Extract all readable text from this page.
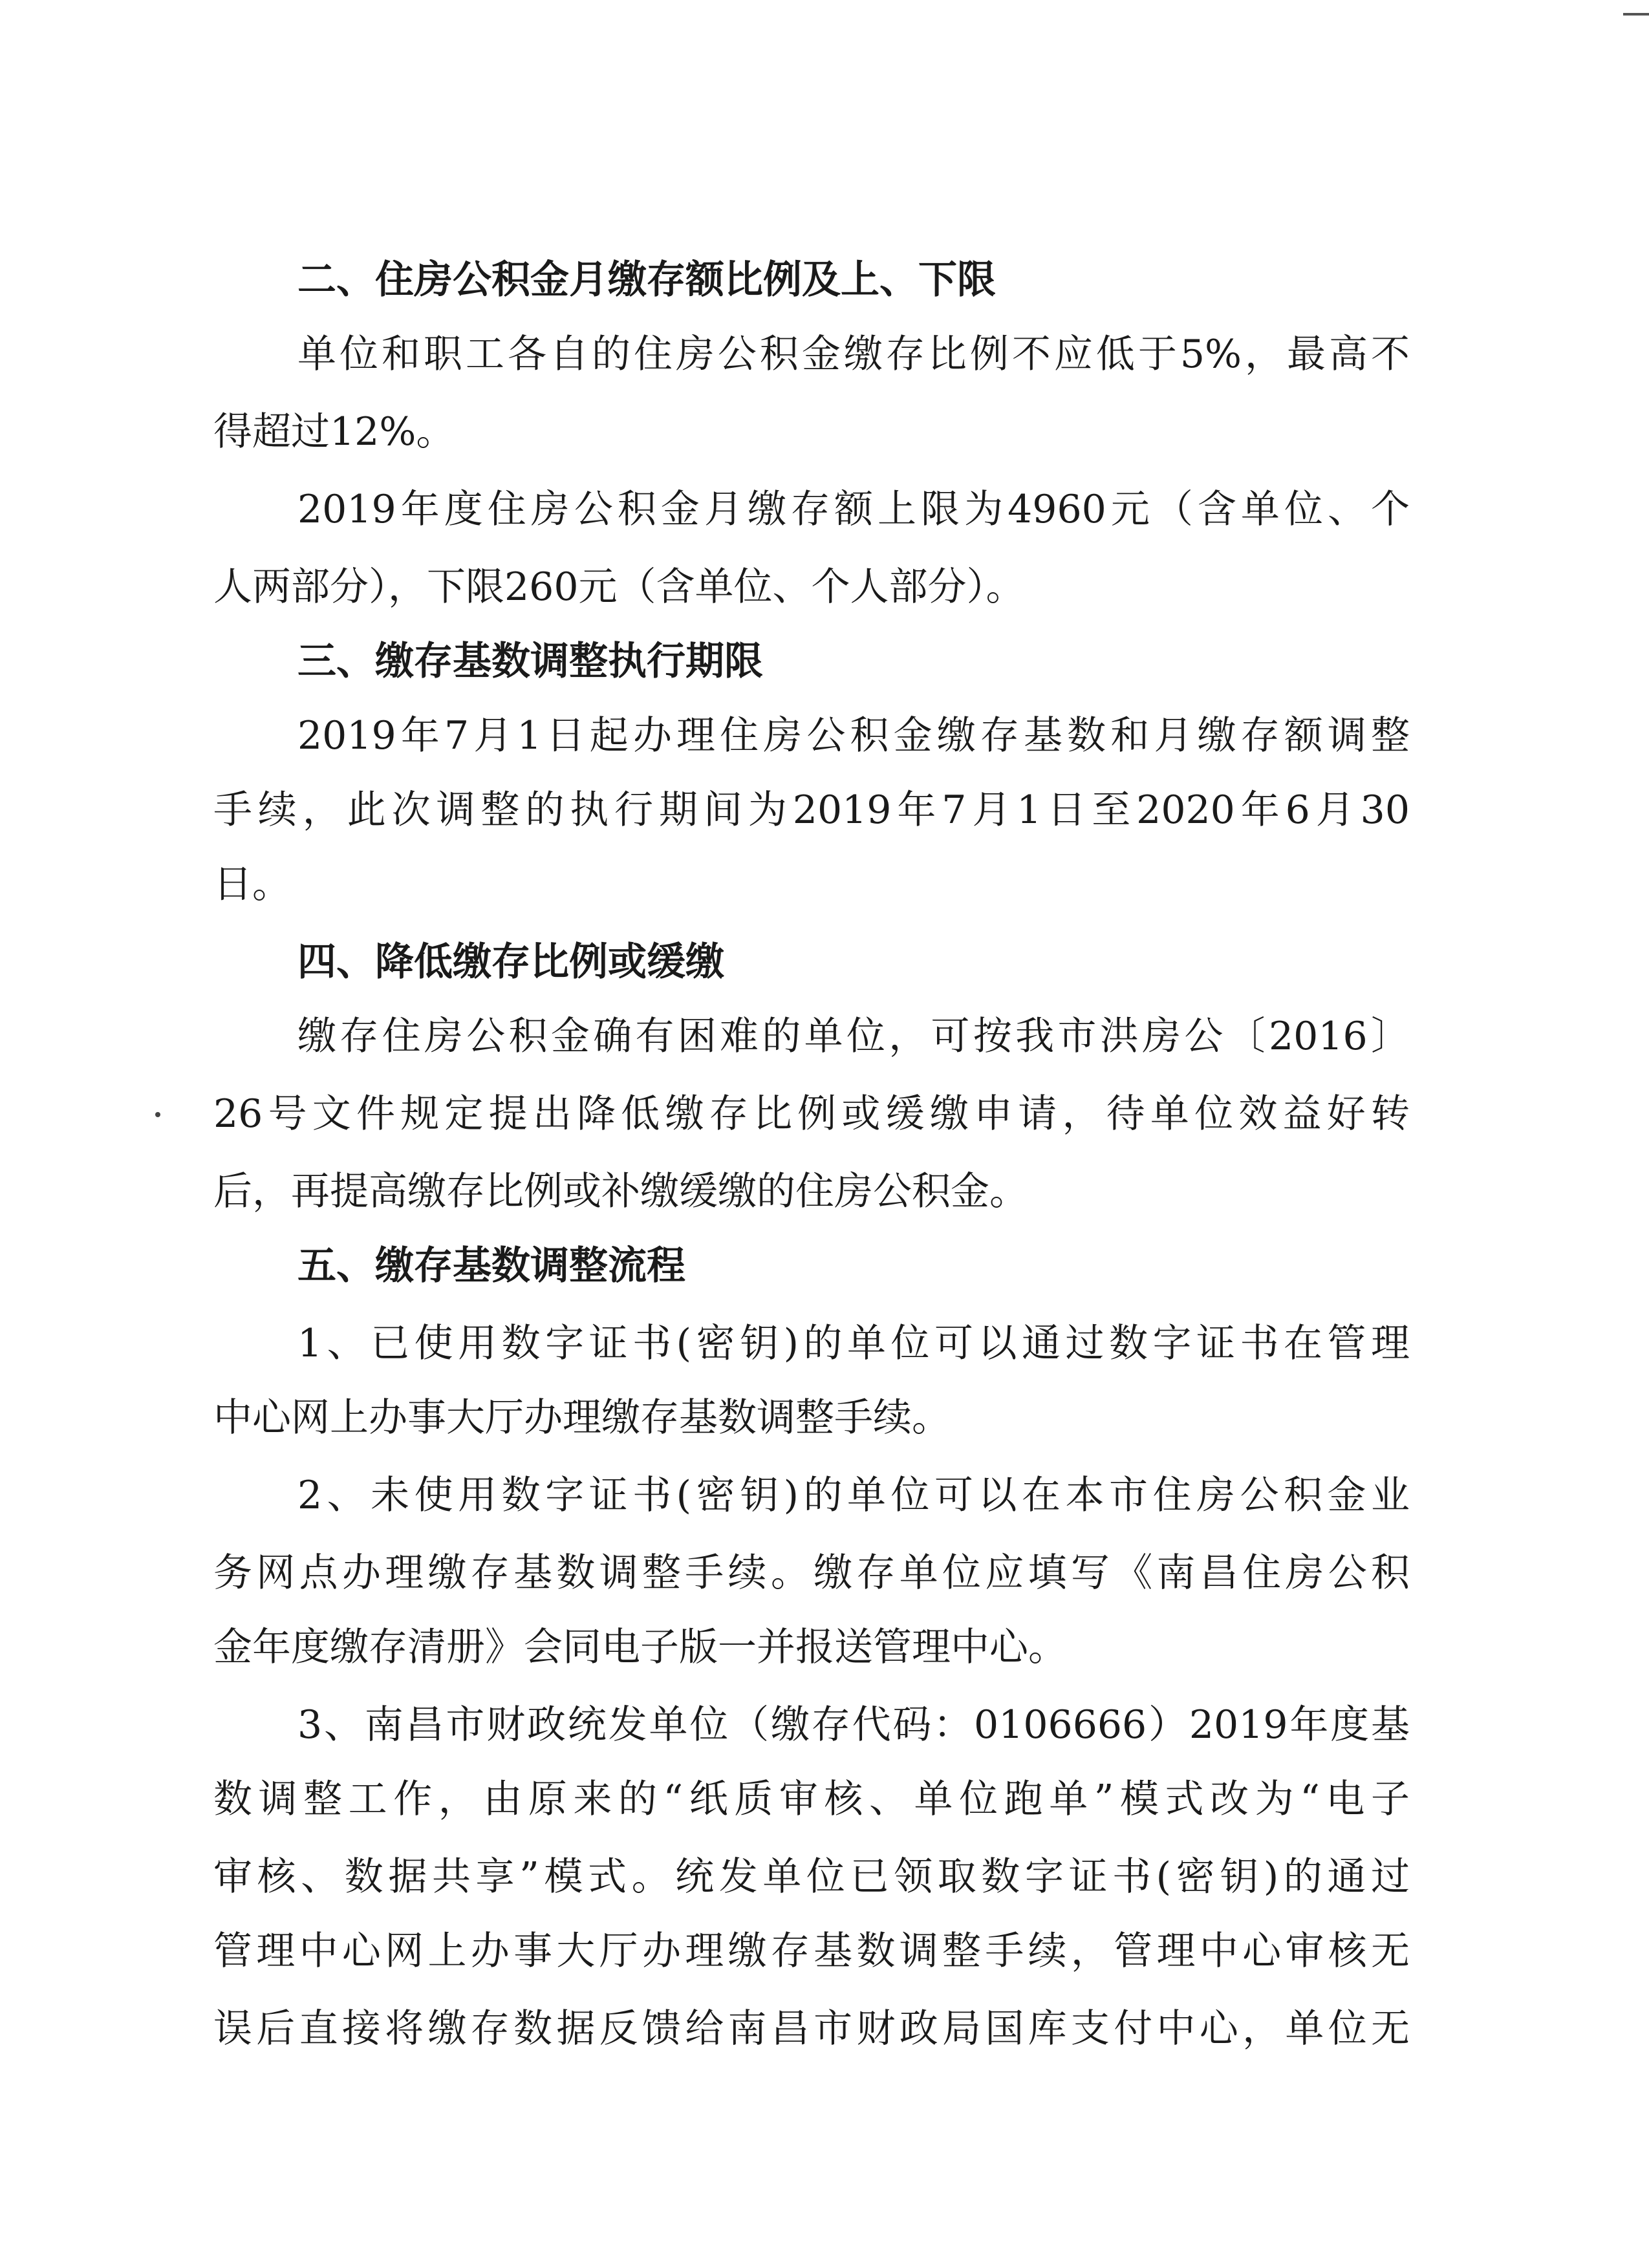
二、住房公积金月缴存额比例及上、下限
单位和职工各自的住房公积金缴存比例不应低于5%，最高不
得超过12%。
2019年度住房公积金月缴存额上限为4960元（含单位、个
人两部分），下限260元（含单位、个人部分）。
三、缴存基数调整执行期限
2019年7月1日起办理住房公积金缴存基数和月缴存额调整
手续，此次调整的执行期间为2019年7月1日至2020年6月30
日。
四、降低缴存比例或缓缴
缴存住房公积金确有困难的单位，可按我市洪房公〔2016〕
26号文件规定提出降低缴存比例或缓缴申请，待单位效益好转
后，再提高缴存比例或补缴缓缴的住房公积金。
五、缴存基数调整流程
1、已使用数字证书(密钥)的单位可以通过数字证书在管理
中心网上办事大厅办理缴存基数调整手续。
2、未使用数字证书(密钥)的单位可以在本市住房公积金业
务网点办理缴存基数调整手续。缴存单位应填写《南昌住房公积
金年度缴存清册》会同电子版一并报送管理中心。
3、南昌市财政统发单位（缴存代码：0106666）2019年度基
数调整工作，由原来的“纸质审核、单位跑单”模式改为“电子
审核、数据共享”模式。统发单位已领取数字证书(密钥)的通过
管理中心网上办事大厅办理缴存基数调整手续，管理中心审核无
误后直接将缴存数据反馈给南昌市财政局国库支付中心，单位无
